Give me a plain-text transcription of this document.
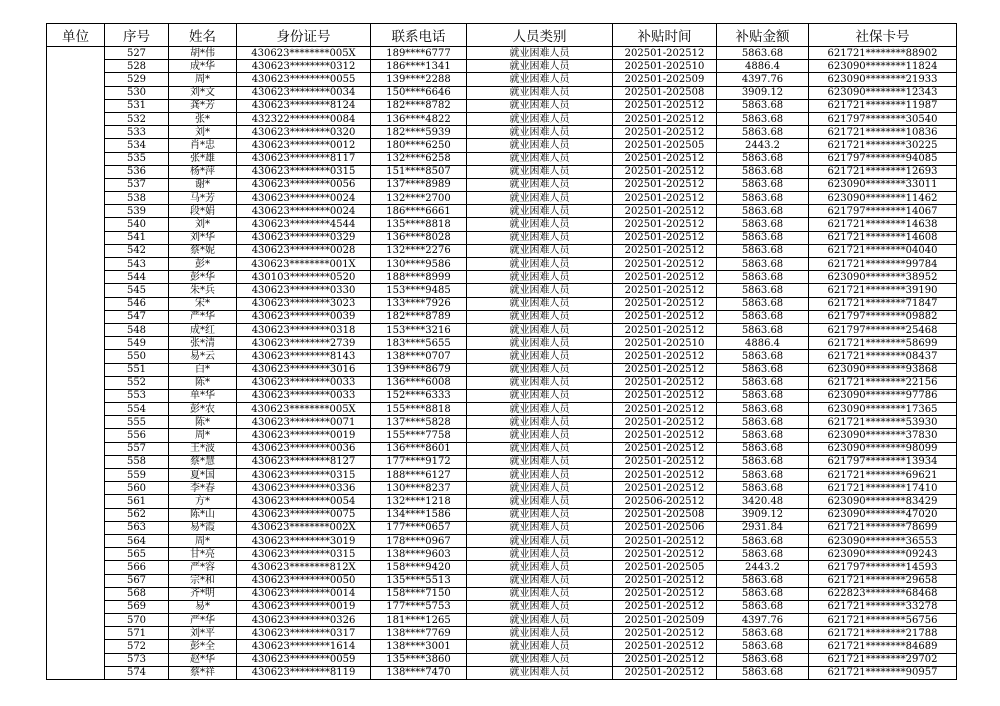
单位	序号	姓名	身份证号	联系电话	人员类别	补贴时间	补贴金额	社保卡号
	527	胡*伟	430623********005X	189****6777	就业困难人员	202501-202512	5863.68	621721********88902
	528	成*华	430623********0312	186****1341	就业困难人员	202501-202510	4886.4	623090********11824
	529	周*	430623********0055	139****2288	就业困难人员	202501-202509	4397.76	623090********21933
	530	刘*文	430623********0034	150****6646	就业困难人员	202501-202508	3909.12	623090********12343
	531	龚*芳	430623********8124	182****8782	就业困难人员	202501-202512	5863.68	621721********11987
	532	张*	432322********0084	136****4822	就业困难人员	202501-202512	5863.68	621797********30540
	533	刘*	430623********0320	182****5939	就业困难人员	202501-202512	5863.68	621721********10836
	534	肖*忠	430623********0012	180****6250	就业困难人员	202501-202505	2443.2	621721********30225
	535	张*雄	430623********8117	132****6258	就业困难人员	202501-202512	5863.68	621797********94085
	536	杨*萍	430623********0315	151****8507	就业困难人员	202501-202512	5863.68	621721********12693
	537	谢*	430623********0056	137****8989	就业困难人员	202501-202512	5863.68	623090********33011
	538	马*芳	430623********0024	132****2700	就业困难人员	202501-202512	5863.68	623090********11462
	539	段*娟	430623********0024	186****6661	就业困难人员	202501-202512	5863.68	621797********14067
	540	刘*	430623********4544	135****8818	就业困难人员	202501-202512	5863.68	621721********14638
	541	刘*华	430623********0329	136****8028	就业困难人员	202501-202512	5863.68	621721********14608
	542	蔡*妮	430623********0028	132****2276	就业困难人员	202501-202512	5863.68	621721********04040
	543	彭*	430623********001X	130****9586	就业困难人员	202501-202512	5863.68	621721********99784
	544	彭*华	430103********0520	188****8999	就业困难人员	202501-202512	5863.68	623090********38952
	545	朱*兵	430623********0330	153****9485	就业困难人员	202501-202512	5863.68	621721********39190
	546	宋*	430623********3023	133****7926	就业困难人员	202501-202512	5863.68	621721********71847
	547	严*华	430623********0039	182****8789	就业困难人员	202501-202512	5863.68	621797********09882
	548	成*红	430623********0318	153****3216	就业困难人员	202501-202512	5863.68	621797********25468
	549	张*清	430623********2739	183****5655	就业困难人员	202501-202510	4886.4	621721********58699
	550	易*云	430623********8143	138****0707	就业困难人员	202501-202512	5863.68	621721********08437
	551	白*	430623********3016	139****8679	就业困难人员	202501-202512	5863.68	623090********93868
	552	陈*	430623********0033	136****6008	就业困难人员	202501-202512	5863.68	621721********22156
	553	单*华	430623********0033	152****6333	就业困难人员	202501-202512	5863.68	623090********97786
	554	彭*农	430623********005X	155****8818	就业困难人员	202501-202512	5863.68	623090********17365
	555	陈*	430623********0071	137****5828	就业困难人员	202501-202512	5863.68	621721********53930
	556	周*	430623********0019	155****7758	就业困难人员	202501-202512	5863.68	623090********37830
	557	王*波	430623********0036	136****8601	就业困难人员	202501-202512	5863.68	623090********98099
	558	蔡*慧	430623********8127	177****9172	就业困难人员	202501-202512	5863.68	621797********13934
	559	夏*国	430623********0315	188****6127	就业困难人员	202501-202512	5863.68	621721********69621
	560	李*春	430623********0336	130****8237	就业困难人员	202501-202512	5863.68	621721********17410
	561	方*	430623********0054	132****1218	就业困难人员	202506-202512	3420.48	623090********83429
	562	陈*山	430623********0075	134****1586	就业困难人员	202501-202508	3909.12	623090********47020
	563	易*霞	430623********002X	177****0657	就业困难人员	202501-202506	2931.84	621721********78699
	564	周*	430623********3019	178****0967	就业困难人员	202501-202512	5863.68	623090********36553
	565	甘*亮	430623********0315	138****9603	就业困难人员	202501-202512	5863.68	623090********09243
	566	严*容	430623********812X	158****9420	就业困难人员	202501-202505	2443.2	621797********14593
	567	宗*和	430623********0050	135****5513	就业困难人员	202501-202512	5863.68	621721********29658
	568	齐*明	430623********0014	158****7150	就业困难人员	202501-202512	5863.68	622823********68468
	569	易*	430623********0019	177****5753	就业困难人员	202501-202512	5863.68	621721********33278
	570	严*华	430623********0326	181****1265	就业困难人员	202501-202509	4397.76	621721********56756
	571	刘*平	430623********0317	138****7769	就业困难人员	202501-202512	5863.68	621721********21788
	572	彭*全	430623********1614	138****3001	就业困难人员	202501-202512	5863.68	621721********84689
	573	赵*华	430623********0059	135****3860	就业困难人员	202501-202512	5863.68	621721********29702
	574	蔡*祥	430623********8119	138****7470	就业困难人员	202501-202512	5863.68	621721********90957
